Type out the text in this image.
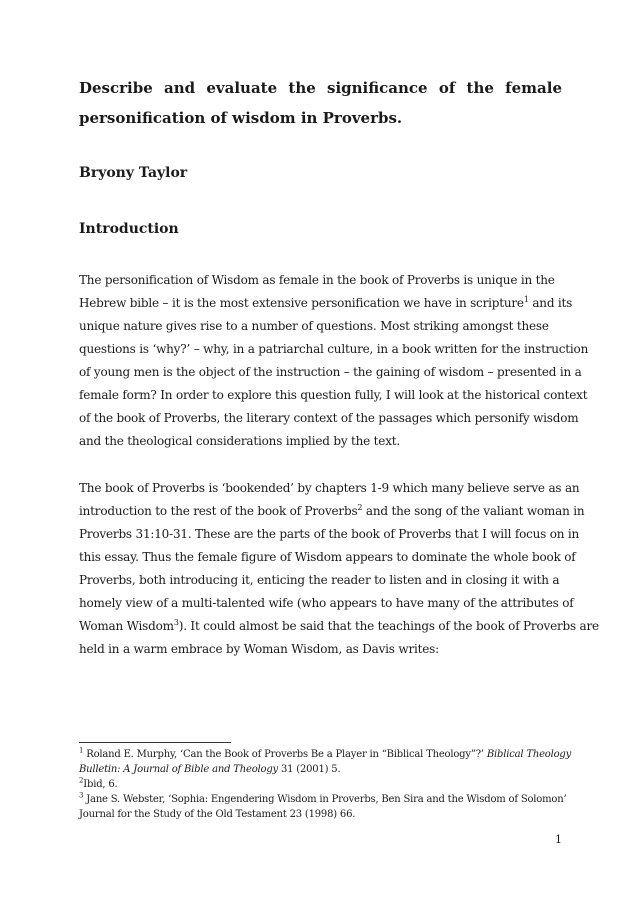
Describe and evaluate the significance of the female
personification of wisdom in Proverbs.

Bryony Taylor

Introduction
The personification of Wisdom as female in the book of Proverbs is unique in the
Hebrew bible – it is the most extensive personification we have in scripture$^1$ and its
unique nature gives rise to a number of questions. Most striking amongst these
questions is ‘why?’ – why, in a patriarchal culture, in a book written for the instruction
of young men is the object of the instruction – the gaining of wisdom – presented in a
female form? In order to explore this question fully, I will look at the historical context
of the book of Proverbs, the literary context of the passages which personify wisdom
and the theological considerations implied by the text.
The book of Proverbs is ‘bookended’ by chapters 1-9 which many believe serve as an
introduction to the rest of the book of Proverbs$^2$ and the song of the valiant woman in
Proverbs 31:10-31. These are the parts of the book of Proverbs that I will focus on in
this essay. Thus the female figure of Wisdom appears to dominate the whole book of
Proverbs, both introducing it, enticing the reader to listen and in closing it with a
homely view of a multi-talented wife (who appears to have many of the attributes of
Woman Wisdom$^3$). It could almost be said that the teachings of the book of Proverbs are
held in a warm embrace by Woman Wisdom, as Davis writes:
$^1$ Roland E. Murphy, ‘Can the Book of Proverbs Be a Player in “Biblical Theology”?’ Biblical Theology
Bulletin: A Journal of Bible and Theology 31 (2001) 5.
$^2$Ibid, 6.
$^3$ Jane S. Webster, ‘Sophia: Engendering Wisdom in Proverbs, Ben Sira and the Wisdom of Solomon’
Journal for the Study of the Old Testament 23 (1998) 66.
1
